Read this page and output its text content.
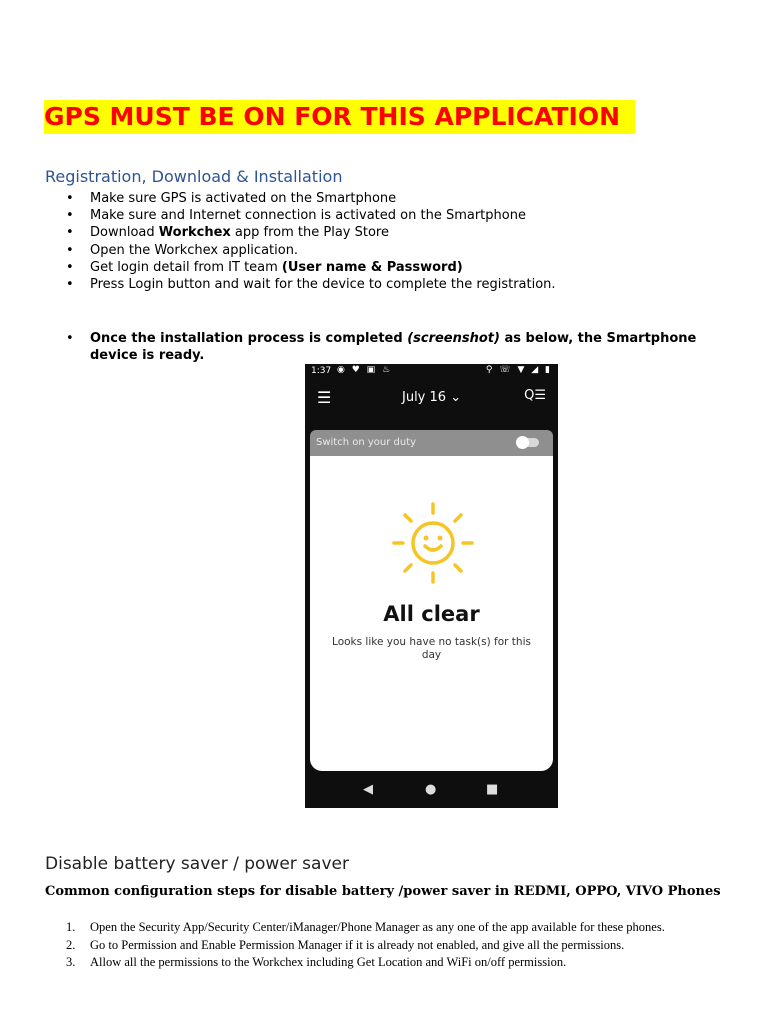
GPS MUST BE ON FOR THIS APPLICATION
Registration, Download & Installation
• Make sure GPS is activated on the Smartphone
• Make sure and Internet connection is activated on the Smartphone
• Download Workchex app from the Play Store
• Open the Workchex application.
• Get login detail from IT team (User name & Password)
• Press Login button and wait for the device to complete the registration.
• Once the installation process is completed (screenshot) as below, the Smartphone device is ready.
1:37 ◉ ♥ ▣ ♨	⚲ ☏ ▼ ◢ ▮
☰	July 16 ⌄	Q☰
Switch on your duty
All clear
Looks like you have no task(s) for this day
◀	●	■
Disable battery saver / power saver
Common configuration steps for disable battery /power saver in REDMI, OPPO, VIVO Phones
1. Open the Security App/Security Center/iManager/Phone Manager as any one of the app available for these phones.
2. Go to Permission and Enable Permission Manager if it is already not enabled, and give all the permissions.
3. Allow all the permissions to the Workchex including Get Location and WiFi on/off permission.
